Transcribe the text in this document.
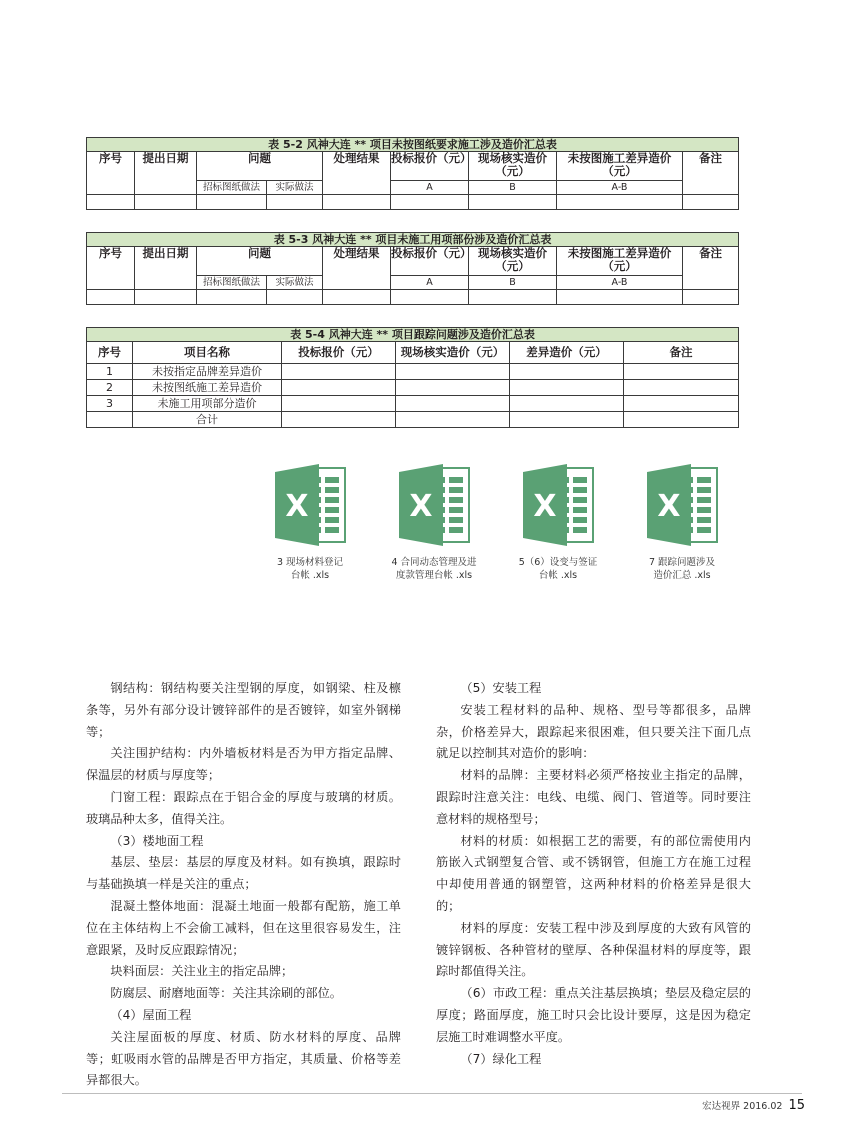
表 5-2 风神大连 ** 项目未按图纸要求施工涉及造价汇总表								
序号	提出日期	问题		处理结果	投标报价（元）	现场核实造价（元）	未按图施工差异造价（元）	备注
		招标图纸做法	实际做法		A	B	A-B	

表 5-3 风神大连 ** 项目未施工用项部份涉及造价汇总表								
序号	提出日期	问题		处理结果	投标报价（元）	现场核实造价（元）	未按图施工差异造价（元）	备注
		招标图纸做法	实际做法		A	B	A-B	

表 5-4 风神大连 ** 项目跟踪问题涉及造价汇总表					
序号	项目名称	投标报价（元）	现场核实造价（元）	差异造价（元）	备注
1	未按指定品牌差异造价				
2	未按图纸施工差异造价				
3	未施工用项部分造价				
	合计				
X
3 现场材料登记
台帐 .xls
X
4 合同动态管理及进
度款管理台帐 .xls
X
5（6）设变与签证
台帐 .xls
X
7 跟踪问题涉及
造价汇总 .xls

钢结构：钢结构要关注型钢的厚度，如钢梁、柱及檩条等，另外有部分设计镀锌部件的是否镀锌，如室外钢梯等；

关注围护结构：内外墙板材料是否为甲方指定品牌、保温层的材质与厚度等；

门窗工程：跟踪点在于铝合金的厚度与玻璃的材质。玻璃品种太多，值得关注。

（3）楼地面工程

基层、垫层：基层的厚度及材料。如有换填，跟踪时与基础换填一样是关注的重点；

混凝土整体地面：混凝土地面一般都有配筋，施工单位在主体结构上不会偷工减料，但在这里很容易发生，注意跟紧，及时反应跟踪情况；

块料面层：关注业主的指定品牌；

防腐层、耐磨地面等：关注其涂刷的部位。

（4）屋面工程

关注屋面板的厚度、材质、防水材料的厚度、品牌等；虹吸雨水管的品牌是否甲方指定，其质量、价格等差异都很大。

（5）安装工程

安装工程材料的品种、规格、型号等都很多，品牌杂，价格差异大，跟踪起来很困难，但只要关注下面几点就足以控制其对造价的影响：

材料的品牌：主要材料必须严格按业主指定的品牌，跟踪时注意关注：电线、电缆、阀门、管道等。同时要注意材料的规格型号；

材料的材质：如根据工艺的需要，有的部位需使用内筋嵌入式钢塑复合管、或不锈钢管，但施工方在施工过程中却使用普通的钢塑管，这两种材料的价格差异是很大的；

材料的厚度：安装工程中涉及到厚度的大致有风管的镀锌钢板、各种管材的壁厚、各种保温材料的厚度等，跟踪时都值得关注。

（6）市政工程：重点关注基层换填；垫层及稳定层的厚度；路面厚度，施工时只会比设计要厚，这是因为稳定层施工时难调整水平度。

（7）绿化工程

宏达视界 2016.02 15
